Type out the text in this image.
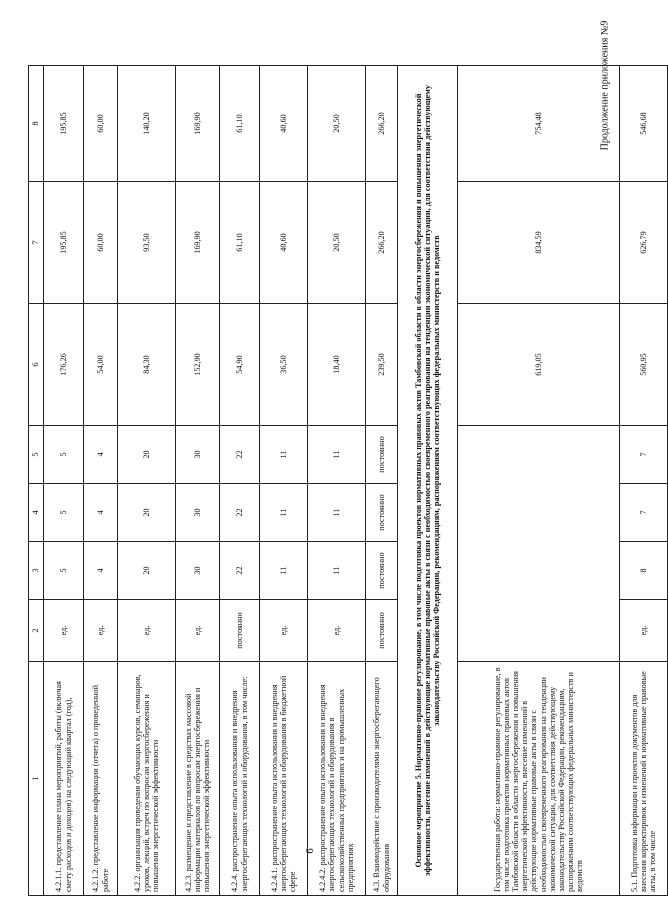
Продолжение приложения №9
6
1	2	3	4	5	6	7	8
4.2.1.1. представление плана мероприятий, работы (включая смету расходов и доходов) на следующий квартал (год),	ед.	5	5	5	176,26	195,85	195,85
4.2.1.2. представление информации (отчета) о проведенной работе	ед.	4	4	4	54,00	60,00	60,00
4.2.2. организация проведения обучающих курсов, семинаров, уроков, лекций, встреч по вопросам энергосбережения и повышения энергетической эффективности	ед.	20	20	20	84,30	93,50	140,20
4.2.3. размещение и представление в средствах массовой информации материалов по вопросам энергосбережения и повышения энергетической эффективности	ед.	30	30	30	152,90	169,90	169,90
4.2.4. распространение опыта использования и внедрения энергосберегающих технологий и оборудования, в том числе:	постоянно	22	22	22	54,90	61,10	61,10
4.2.4.1. распространение опыта использования и внедрения энергосберегающих технологий и оборудования в бюджетной сфере	ед.	11	11	11	36,50	40,60	40,60
4.2.4.2. распространение опыта использования и внедрения энергосберегающих технологий и оборудования в сельскохозяйственных предприятиях и на промышленных предприятиях	ед.	11	11	11	18,40	20,50	20,50
4.3. Взаимодействие с производителями энергосберегающего оборудования	постоянно	постоянно	постоянно	постоянно	239,50	266,20	266,20
Основное мероприятие 5. Нормативно-правовое регулирование, в том числе подготовка проектов нормативных правовых актов Тамбовской области в области энергосбережения и повышения энергетической эффективности, внесение изменений в действующие нормативные правовые акты в связи с необходимостью своевременного реагирования на тенденции экономической ситуации, для соответствия действующему законодательству Российской Федерации, рекомендациям, распоряжениям соответствующих федеральных министерств и ведомств							
Государственная работа: нормативно-правовое регулирование, в том числе подготовка проектов нормативных правовых актов Тамбовской области в области энергосбережения и повышения энергетической эффективности, внесение изменений в действующие нормативные правовые акты в связи с необходимостью своевременного реагирования на тенденции экономической ситуации, для соответствия действующему законодательству Российской Федерации, рекомендациям, распоряжениям соответствующих федеральных министерств и ведомств					619,05	834,59	754,48
5.1. Подготовка информации и проектов документов для внесения корректировок и изменений в нормативные правовые акты, в том числе	ед.	8	7	7	560,95	626,79	546,68
